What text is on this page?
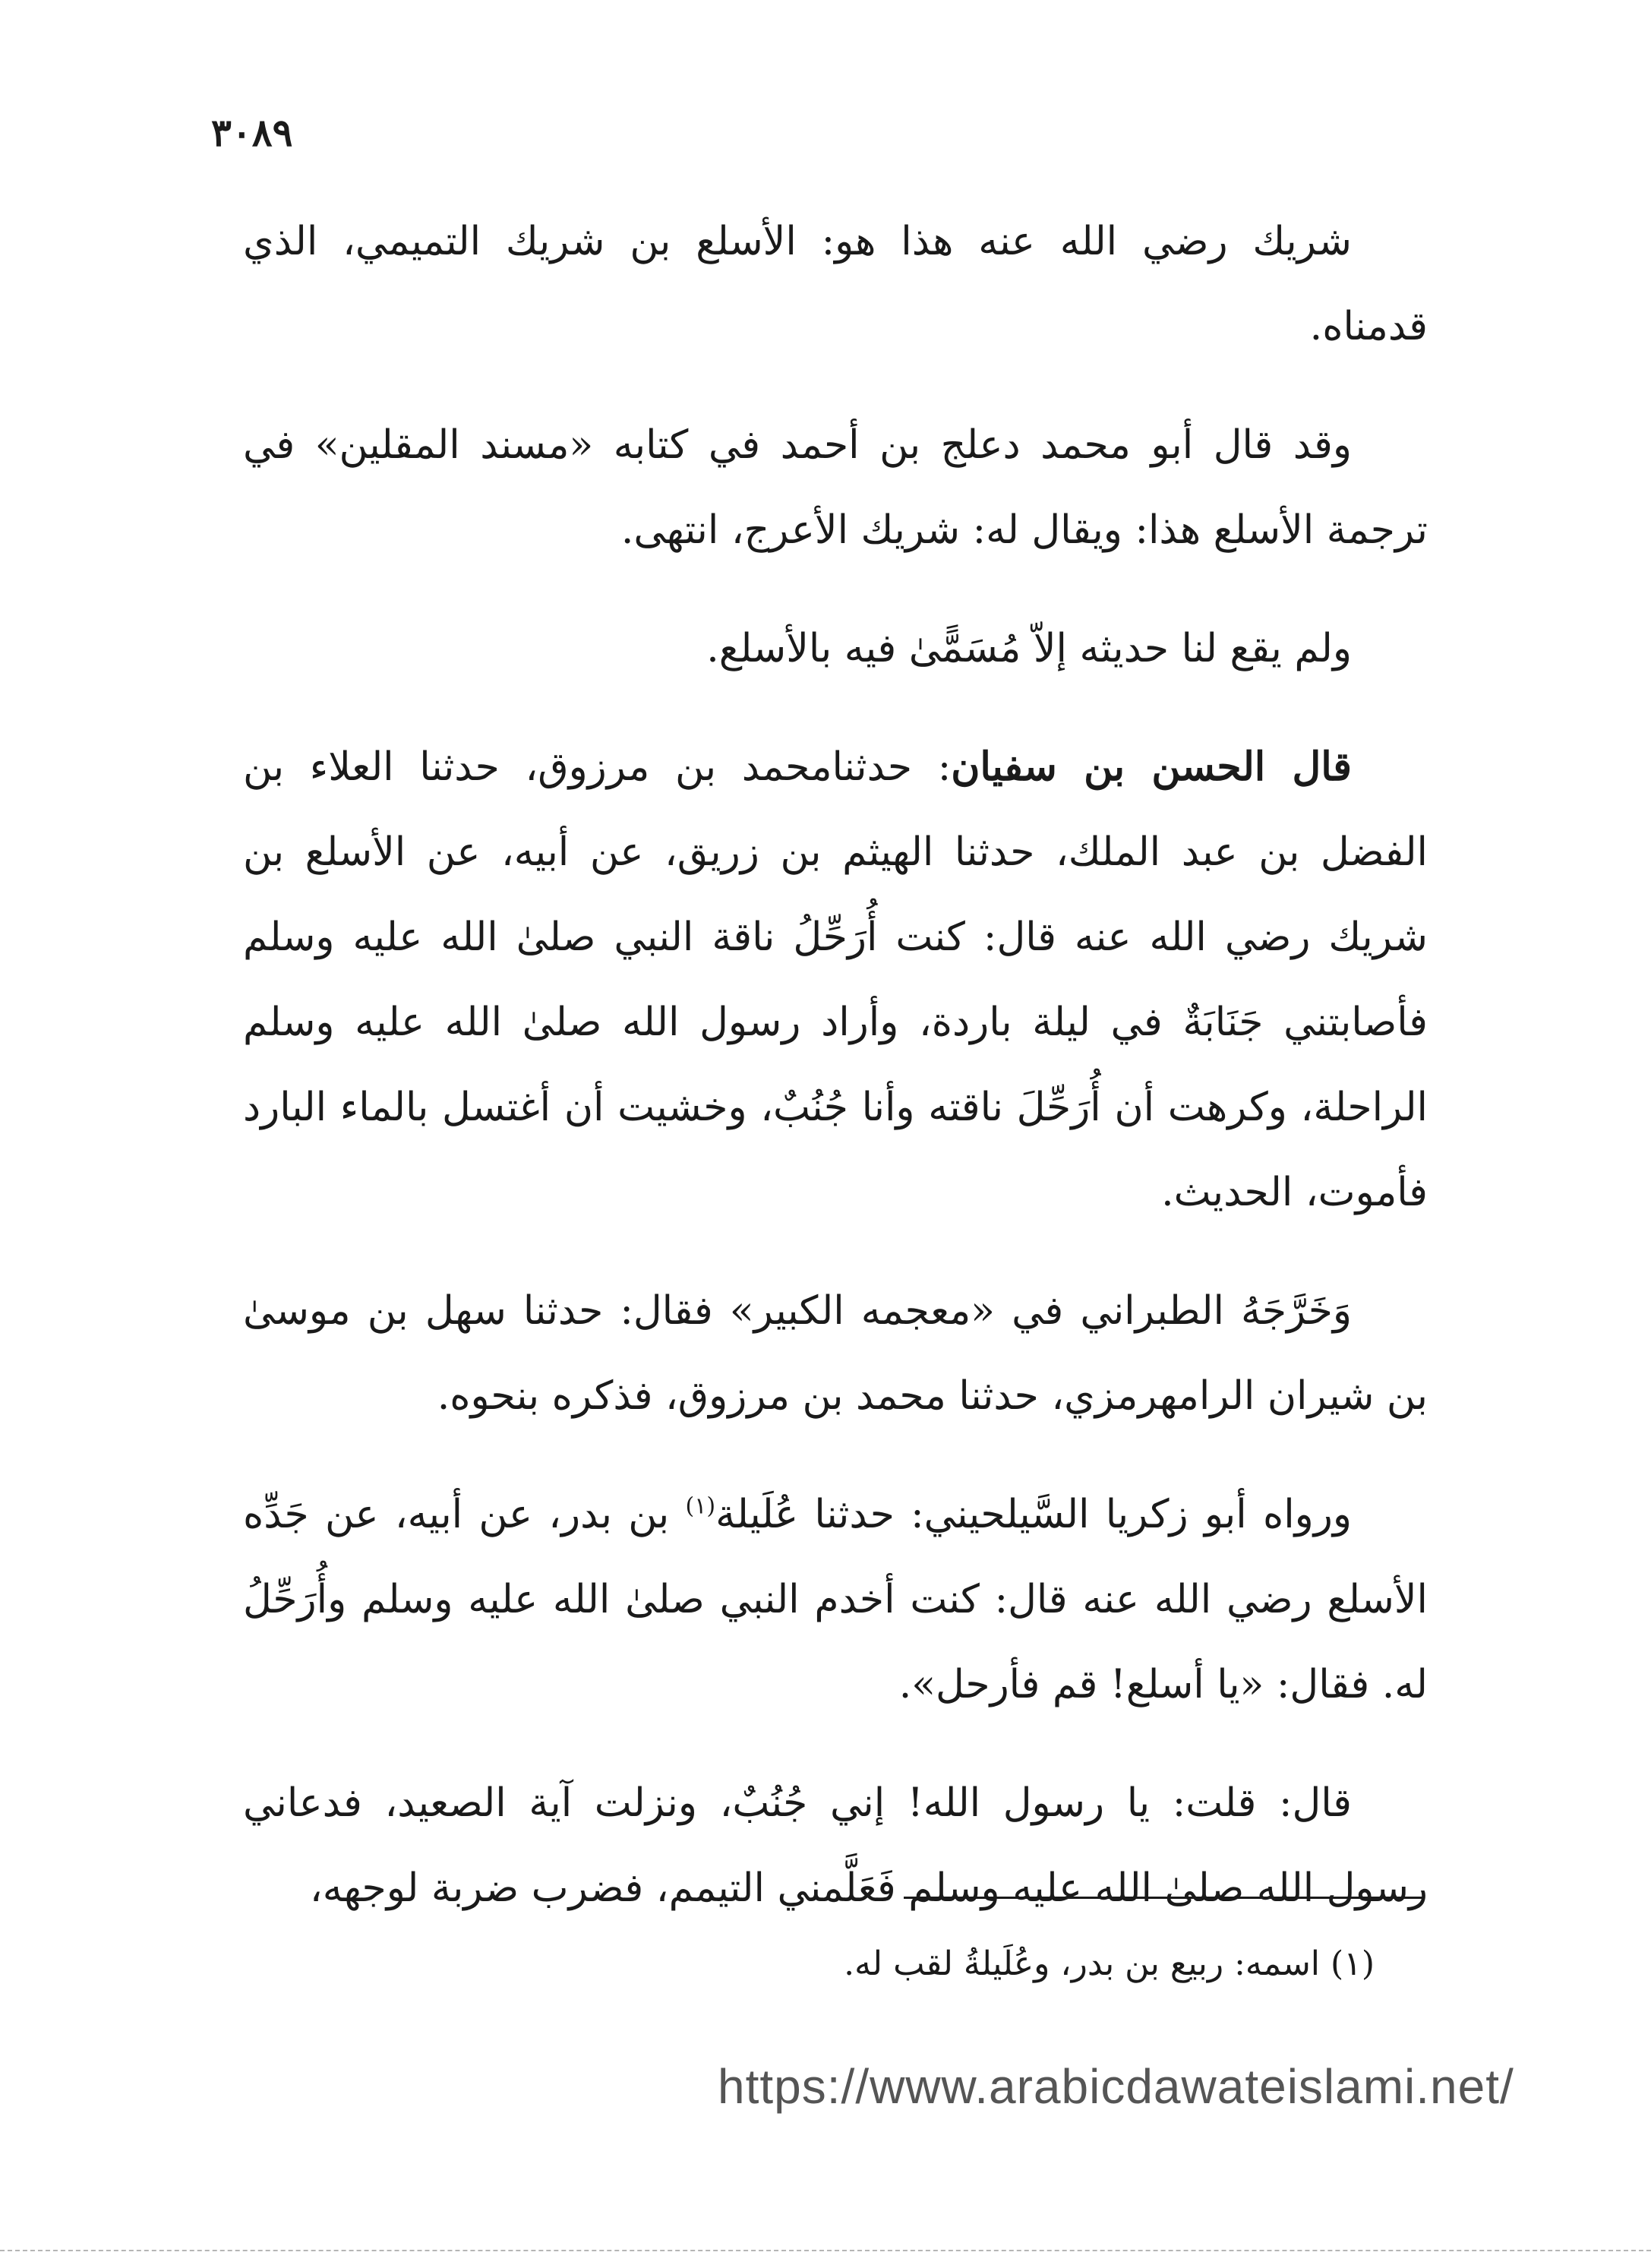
٣٠٨٩

شريك رضي الله عنه هذا هو: الأسلع بن شريك التميمي، الذي قدمناه.

وقد قال أبو محمد دعلج بن أحمد في كتابه «مسند المقلين» في ترجمة الأسلع هذا: ويقال له: شريك الأعرج، انتهى.

ولم يقع لنا حديثه إلاّ مُسَمًّىٰ فيه بالأسلع.

قال الحسن بن سفيان: حدثنامحمد بن مرزوق، حدثنا العلاء بن الفضل بن عبد الملك، حدثنا الهيثم بن زريق، عن أبيه، عن الأسلع بن شريك رضي الله عنه قال: كنت أُرَحِّلُ ناقة النبي صلىٰ الله عليه وسلم فأصابتني جَنَابَةٌ في ليلة باردة، وأراد رسول الله صلىٰ الله عليه وسلم الراحلة، وكرهت أن أُرَحِّلَ ناقته وأنا جُنُبٌ، وخشيت أن أغتسل بالماء البارد فأموت، الحديث.

وَخَرَّجَهُ الطبراني في «معجمه الكبير» فقال: حدثنا سهل بن موسىٰ بن شيران الرامهرمزي، حدثنا محمد بن مرزوق، فذكره بنحوه.

ورواه أبو زكريا السَّيلحيني: حدثنا عُلَيلة$^{(١)}$ بن بدر، عن أبيه، عن جَدِّه الأسلع رضي الله عنه قال: كنت أخدم النبي صلىٰ الله عليه وسلم وأُرَحِّلُ له. فقال: «يا أسلع! قم فأرحل».

قال: قلت: يا رسول الله! إني جُنُبٌ، ونزلت آية الصعيد، فدعاني رسول الله صلىٰ الله عليه وسلم فَعَلَّمني التيمم، فضرب ضربة لوجهه،

(١) اسمه: ربيع بن بدر، وعُلَيلةُ لقب له.
https://www.arabicdawateislami.net/
